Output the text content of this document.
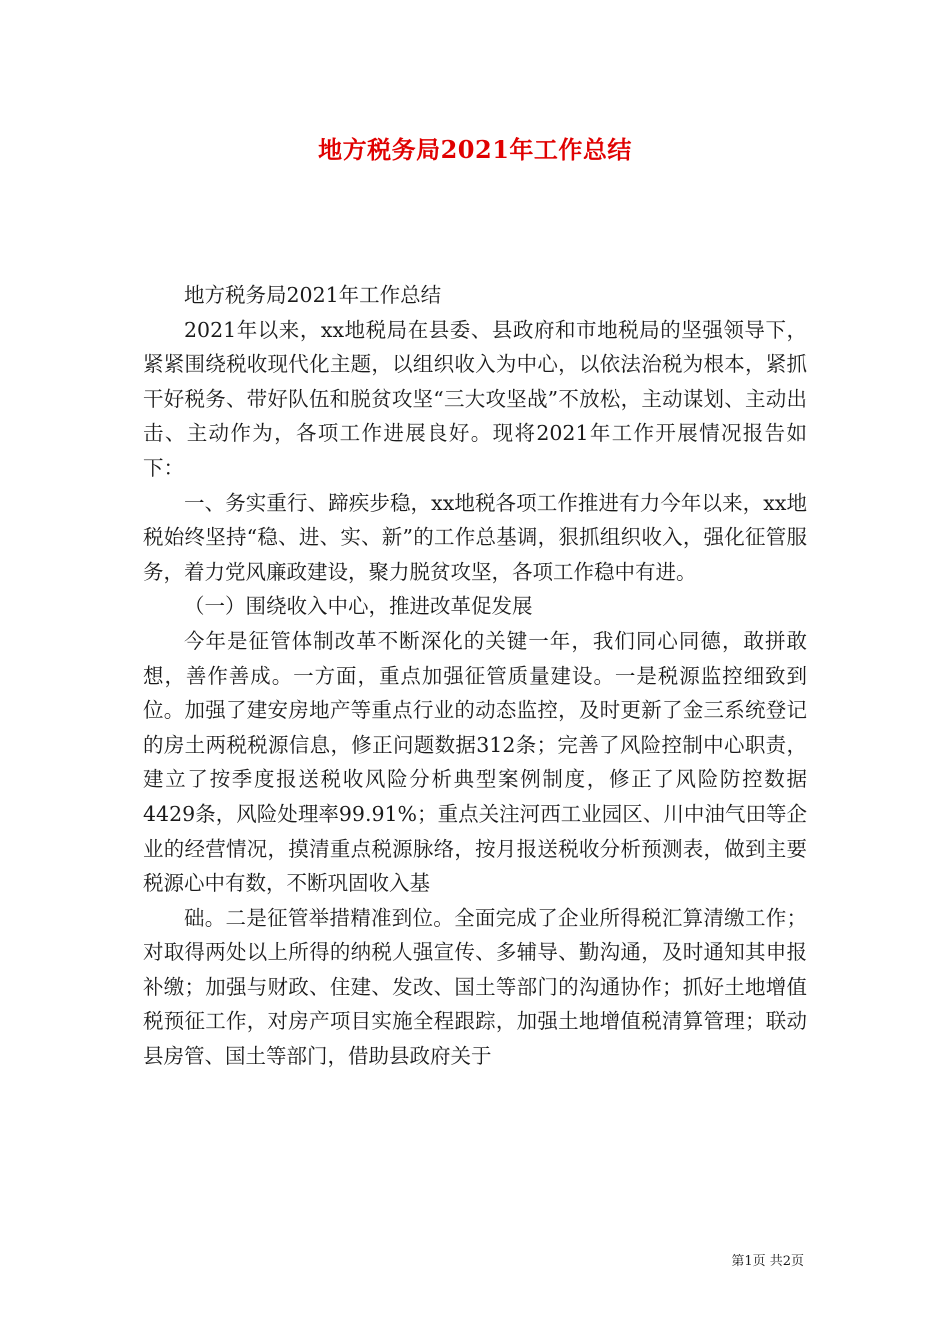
地方税务局2021年工作总结

地方税务局2021年工作总结

2021年以来，xx地税局在县委、县政府和市地税局的坚强领导下，紧紧围绕税收现代化主题，以组织收入为中心，以依法治税为根本，紧抓干好税务、带好队伍和脱贫攻坚“三大攻坚战”不放松，主动谋划、主动出击、主动作为，各项工作进展良好。现将2021年工作开展情况报告如下：

一、务实重行、蹄疾步稳，xx地税各项工作推进有力今年以来，xx地税始终坚持“稳、进、实、新”的工作总基调，狠抓组织收入，强化征管服务，着力党风廉政建设，聚力脱贫攻坚，各项工作稳中有进。

（一）围绕收入中心，推进改革促发展

今年是征管体制改革不断深化的关键一年，我们同心同德，敢拼敢想，善作善成。一方面，重点加强征管质量建设。一是税源监控细致到位。加强了建安房地产等重点行业的动态监控，及时更新了金三系统登记的房土两税税源信息，修正问题数据312条；完善了风险控制中心职责，建立了按季度报送税收风险分析典型案例制度，修正了风险防控数据4429条，风险处理率99.91%；重点关注河西工业园区、川中油气田等企业的经营情况，摸清重点税源脉络，按月报送税收分析预测表，做到主要税源心中有数，不断巩固收入基

础。二是征管举措精准到位。全面完成了企业所得税汇算清缴工作；对取得两处以上所得的纳税人强宣传、多辅导、勤沟通，及时通知其申报补缴；加强与财政、住建、发改、国土等部门的沟通协作；抓好土地增值税预征工作，对房产项目实施全程跟踪，加强土地增值税清算管理；联动县房管、国土等部门，借助县政府关于

第1页 共2页
